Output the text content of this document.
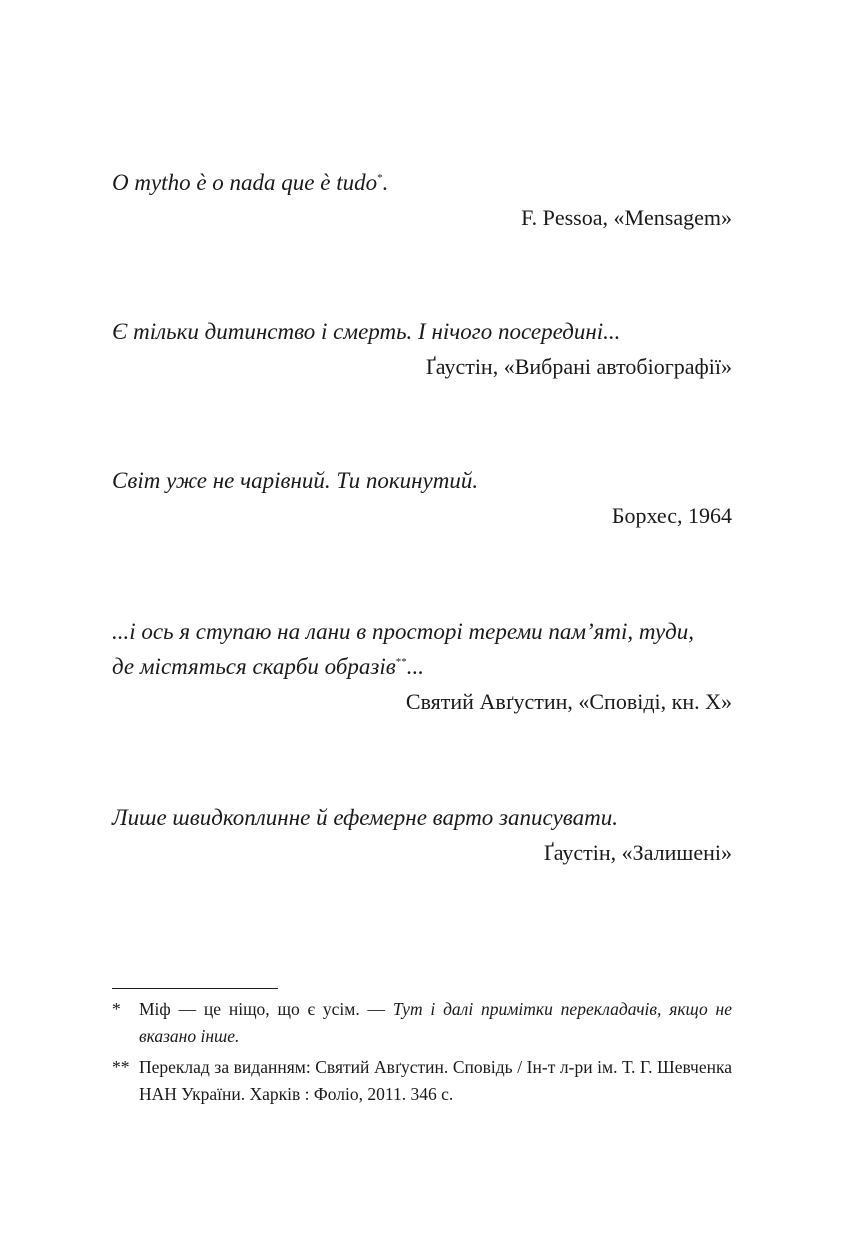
O mytho è o nada que è tudo*.

F. Pessoa, «Mensagem»

Є тільки дитинство і смерть. І нічого посередині...

Ґаустін, «Вибрані автобіографії»

Світ уже не чарівний. Ти покинутий.

Борхес, 1964

...і ось я ступаю на лани в просторі тереми пам’яті, туди,

де містяться скарби образів**...

Святий Авґустин, «Сповіді, кн. X»

Лише швидкоплинне й ефемерне варто записувати.

Ґаустін, «Залишені»

* Міф — це ніщо, що є усім. — Тут і далі примітки перекладачів, якщо не вказано інше.

** Переклад за виданням: Святий Авґустин. Сповідь / Ін-т л-ри ім. Т. Г. Шевченка НАН України. Харків : Фоліо, 2011. 346 с.
